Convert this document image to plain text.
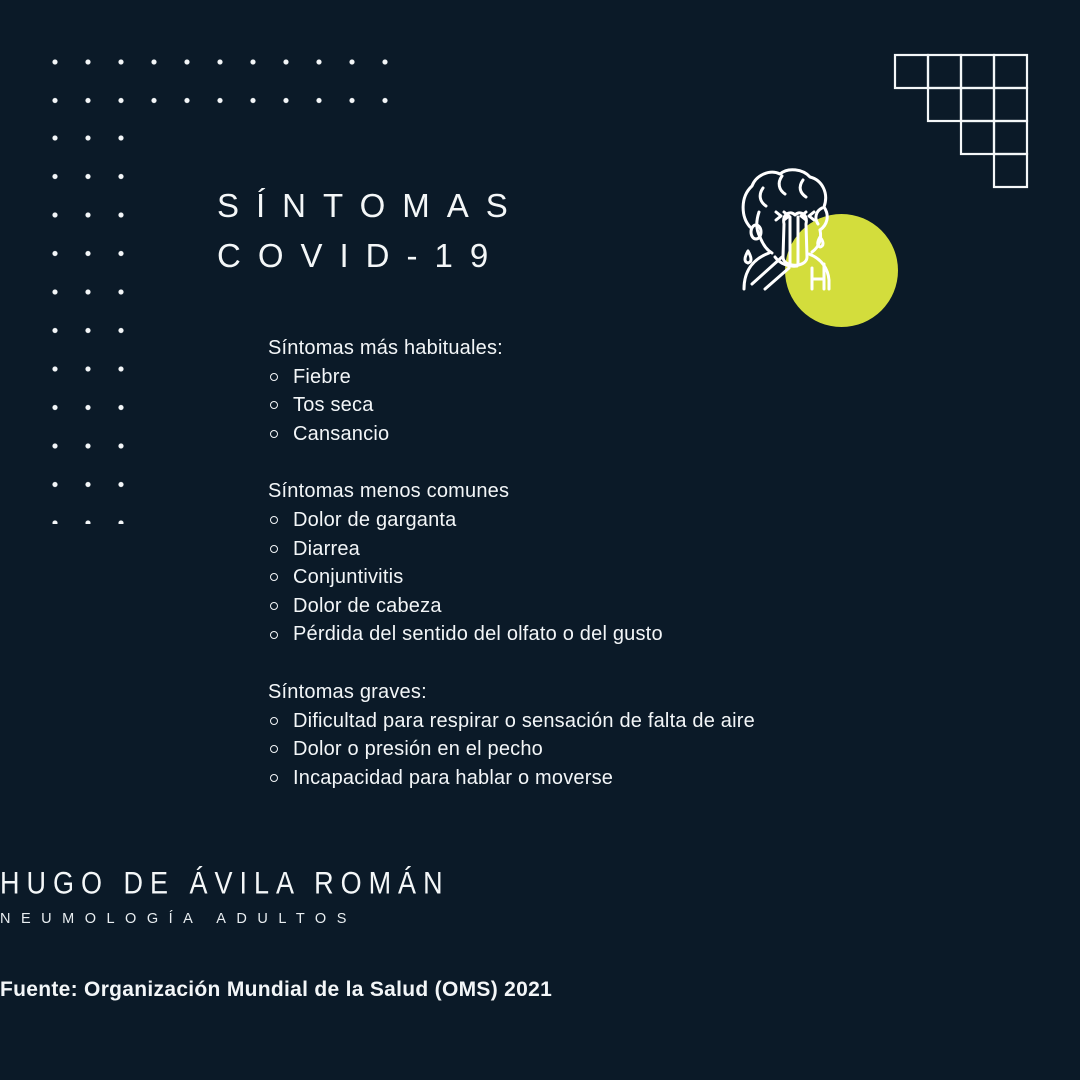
SÍNTOMAS
COVID-19

Síntomas más habituales:

Fiebre
Tos seca
Cansancio

Síntomas menos comunes

Dolor de garganta
Diarrea
Conjuntivitis
Dolor de cabeza
Pérdida del sentido del olfato o del gusto

Síntomas graves:

Dificultad para respirar o sensación de falta de aire
Dolor o presión en el pecho
Incapacidad para hablar o moverse
HUGO DE ÁVILA ROMÁN
NEUMOLOGÍA ADULTOS
Fuente: Organización Mundial de la Salud (OMS) 2021
